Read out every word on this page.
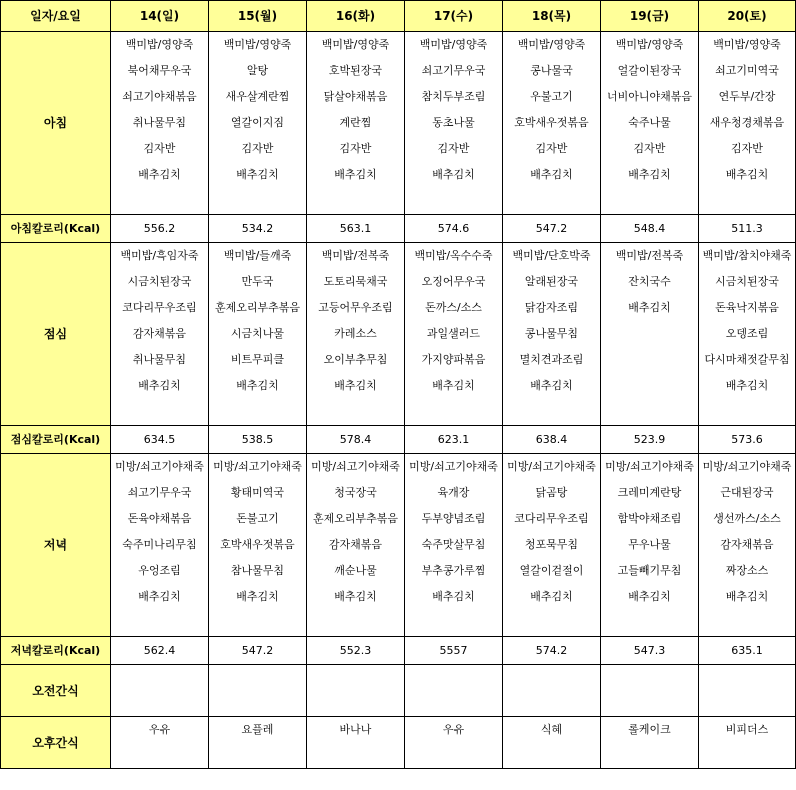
일자/요일	14(일)	15(월)	16(화)	17(수)	18(목)	19(금)	20(토)
아침	백미밥/영양죽	백미밥/영양죽	백미밥/영양죽	백미밥/영양죽	백미밥/영양죽	백미밥/영양죽	백미밥/영양죽
	북어채무우국	알탕	호박된장국	쇠고기무우국	콩나물국	얼갈이된장국	쇠고기미역국
	쇠고기야채볶음	새우살계란찜	닭살야채볶음	참치두부조림	우불고기	너비아니야채볶음	연두부/간장
	취나물무침	열갈이지짐	계란찜	동초나물	호박새우젓볶음	숙주나물	새우청경채볶음
	김자반	김자반	김자반	김자반	김자반	김자반	김자반
	배추김치	배추김치	배추김치	배추김치	배추김치	배추김치	배추김치

아침칼로리(Kcal)	556.2	534.2	563.1	574.6	547.2	548.4	511.3
점심	백미밥/흑임자죽	백미밥/들깨죽	백미밥/전복죽	백미밥/옥수수죽	백미밥/단호박죽	백미밥/전복죽	백미밥/참치야채죽
	시금치된장국	만두국	도토리묵채국	오징어무우국	알래된장국	잔치국수	시금치된장국
	코다리무우조림	훈제오리부추볶음	고등어무우조림	돈까스/소스	닭감자조림	배추김치	돈육낙지볶음
	감자채볶음	시금치나물	카레소스	과일샐러드	콩나물무침		오뎅조림
	취나물무침	비트무피클	오이부추무침	가지양파볶음	멸치견과조림		다시마채젓갈무침
	배추김치	배추김치	배추김치	배추김치	배추김치		배추김치

점심칼로리(Kcal)	634.5	538.5	578.4	623.1	638.4	523.9	573.6
저녁	미방/쇠고기야채죽	미방/쇠고기야채죽	미방/쇠고기야채죽	미방/쇠고기야채죽	미방/쇠고기야채죽	미방/쇠고기야채죽	미방/쇠고기야채죽
	쇠고기무우국	황태미역국	청국장국	육개장	닭곰탕	크레미계란탕	근대된장국
	돈육야채볶음	돈불고기	훈제오리부추볶음	두부양념조림	코다리무우조림	함박야채조림	생선까스/소스
	숙주미나리무침	호박새우젓볶음	감자채볶음	숙주맛살무침	청포묵무침	무우나물	감자채볶음
	우엉조림	참나물무침	깨순나물	부추콩가루찜	열갈이겉절이	고들빼기무침	짜장소스
	배추김치	배추김치	배추김치	배추김치	배추김치	배추김치	배추김치

저녁칼로리(Kcal)	562.4	547.2	552.3	5557	574.2	547.3	635.1
오전간식							
오후간식	우유	요플레	바나나	우유	식혜	롤케이크	비피더스
